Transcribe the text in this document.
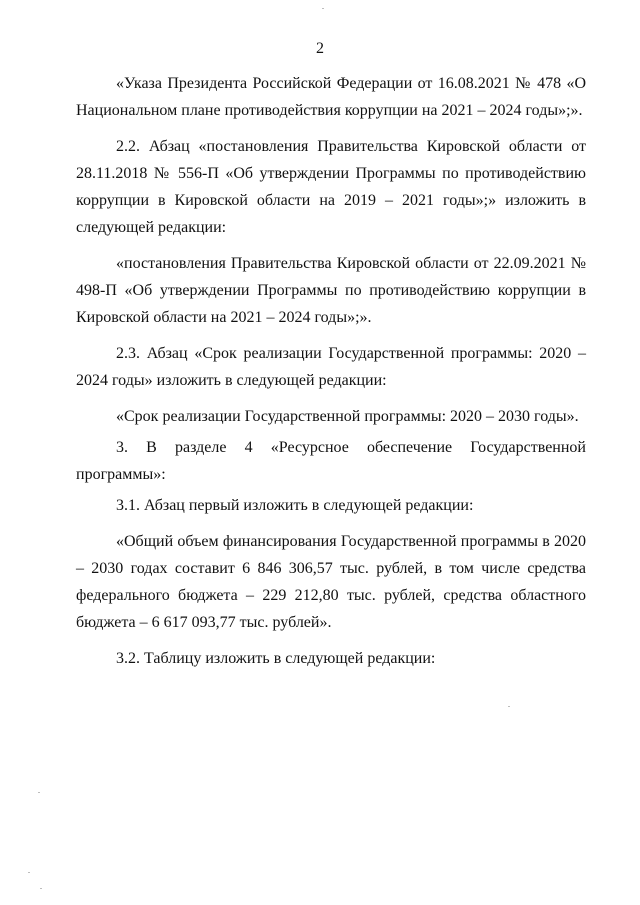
2

«Указа Президента Российской Федерации от 16.08.2021 № 478 «О Национальном плане противодействия коррупции на 2021 – 2024 годы»;».

2.2. Абзац «постановления Правительства Кировской области от 28.11.2018 № 556-П «Об утверждении Программы по противодействию коррупции в Кировской области на 2019 – 2021 годы»;» изложить в следующей редакции:

«постановления Правительства Кировской области от 22.09.2021 № 498-П «Об утверждении Программы по противодействию коррупции в Кировской области на 2021 – 2024 годы»;».

2.3. Абзац «Срок реализации Государственной программы: 2020 – 2024 годы» изложить в следующей редакции:

«Срок реализации Государственной программы: 2020 – 2030 годы».

3. В разделе 4 «Ресурсное обеспечение Государственной программы»:

3.1. Абзац первый изложить в следующей редакции:

«Общий объем финансирования Государственной программы в 2020 – 2030 годах составит 6 846 306,57 тыс. рублей, в том числе средства федерального бюджета – 229 212,80 тыс. рублей, средства областного бюджета – 6 617 093,77 тыс. рублей».

3.2. Таблицу изложить в следующей редакции:
